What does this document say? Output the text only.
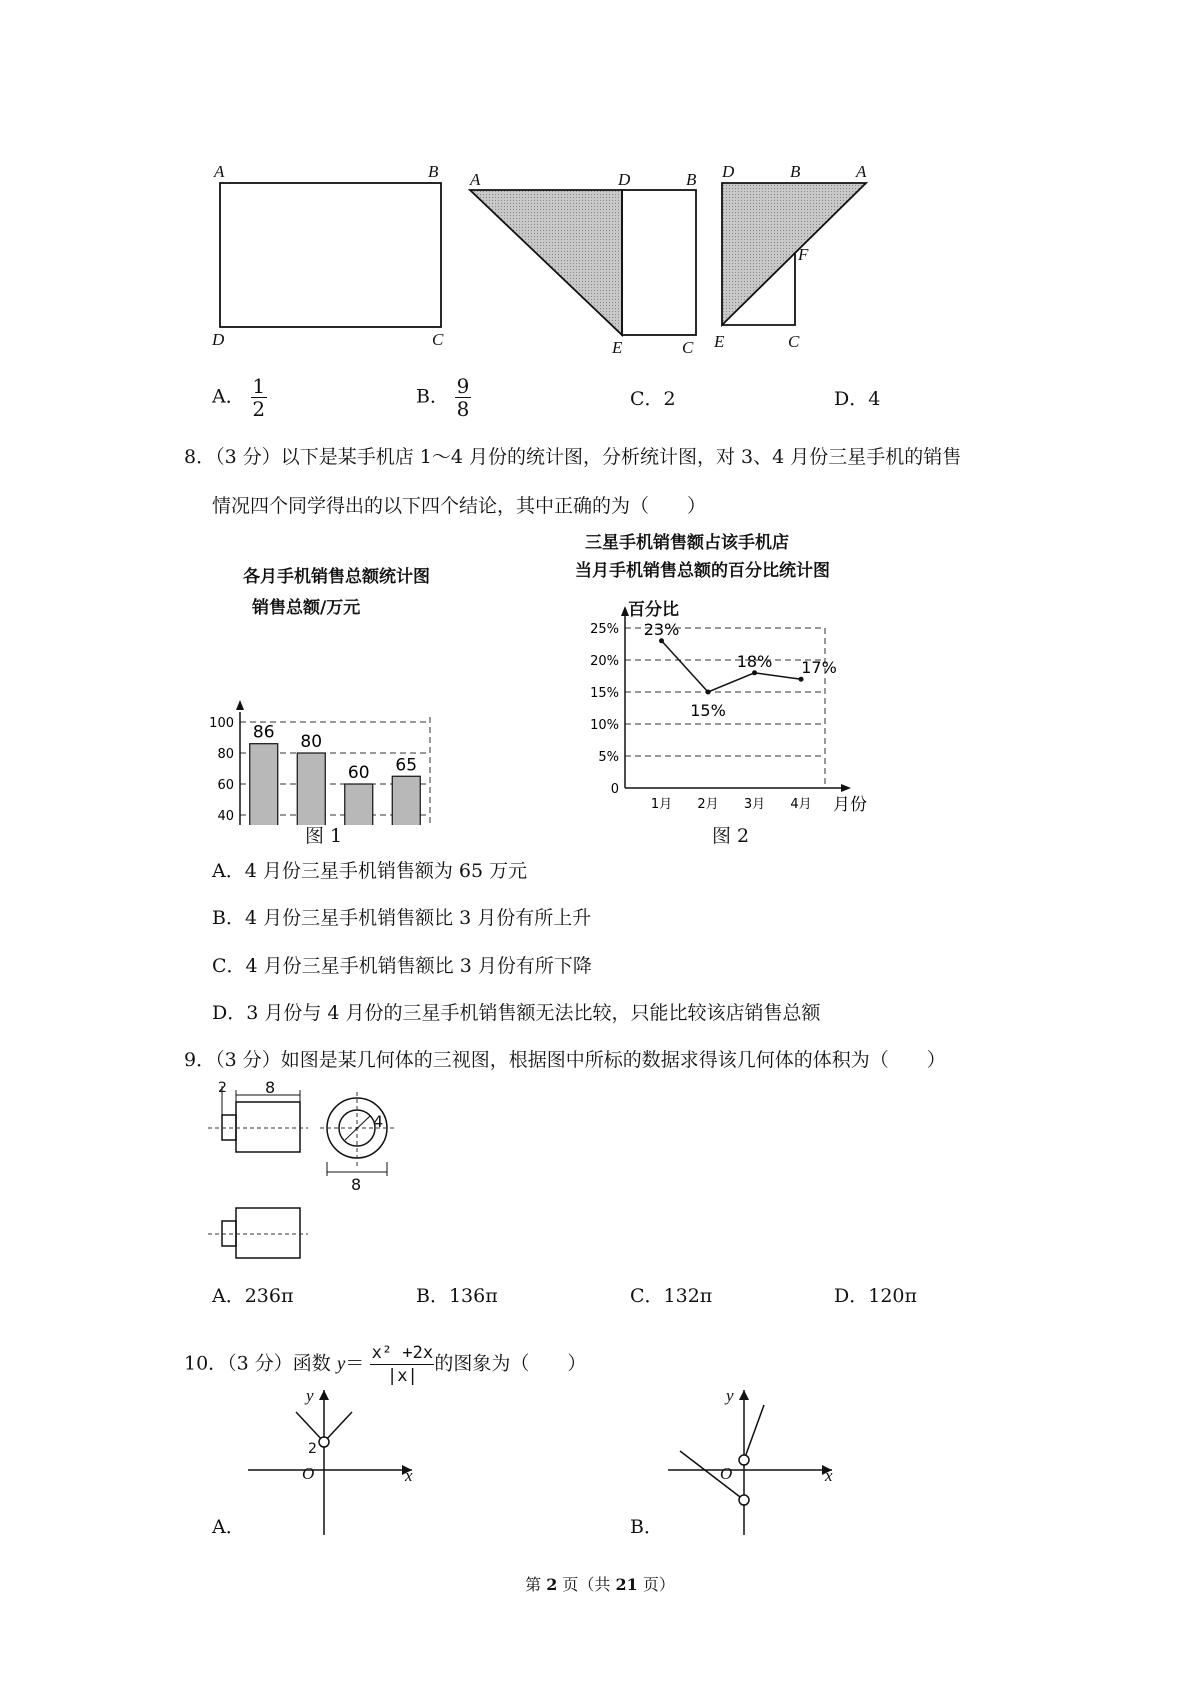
A	B
D	C
A	D	B
E	C
D	B	A
F
E	C
A． $\frac{1}{2}$	B． $\frac{9}{8}$	C．2	D．4
8．（3 分）以下是某手机店 1～4 月份的统计图，分析统计图，对 3、4 月份三星手机的销售
情况四个同学得出的以下四个结论，其中正确的为（　　）
各月手机销售总额统计图
销售总额/万元
40
60
80
100 86 80
60 65
图 1
三星手机销售额占该手机店
当月手机销售总额的百分比统计图
百分比
0
5%
10%
15%
20%
25% 23%
1月
15%
2月
18%
3月
17%
4月 月份
图 2
A．4 月份三星手机销售额为 65 万元
B．4 月份三星手机销售额比 3 月份有所上升
C．4 月份三星手机销售额比 3 月份有所下降
D．3 月份与 4 月份的三星手机销售额无法比较，只能比较该店销售总额
9．（3 分）如图是某几何体的三视图，根据图中所标的数据求得该几何体的体积为（　　）
2 8
4
8
A．236π	B．136π	C．132π	D．120π
10．（3 分）函数 $y= \frac{\text{x² +2x}}{|x|}$ 的图象为（　　）
y
x
O
2
A．
y
x
O
B．
第 2 页（共 21 页）
